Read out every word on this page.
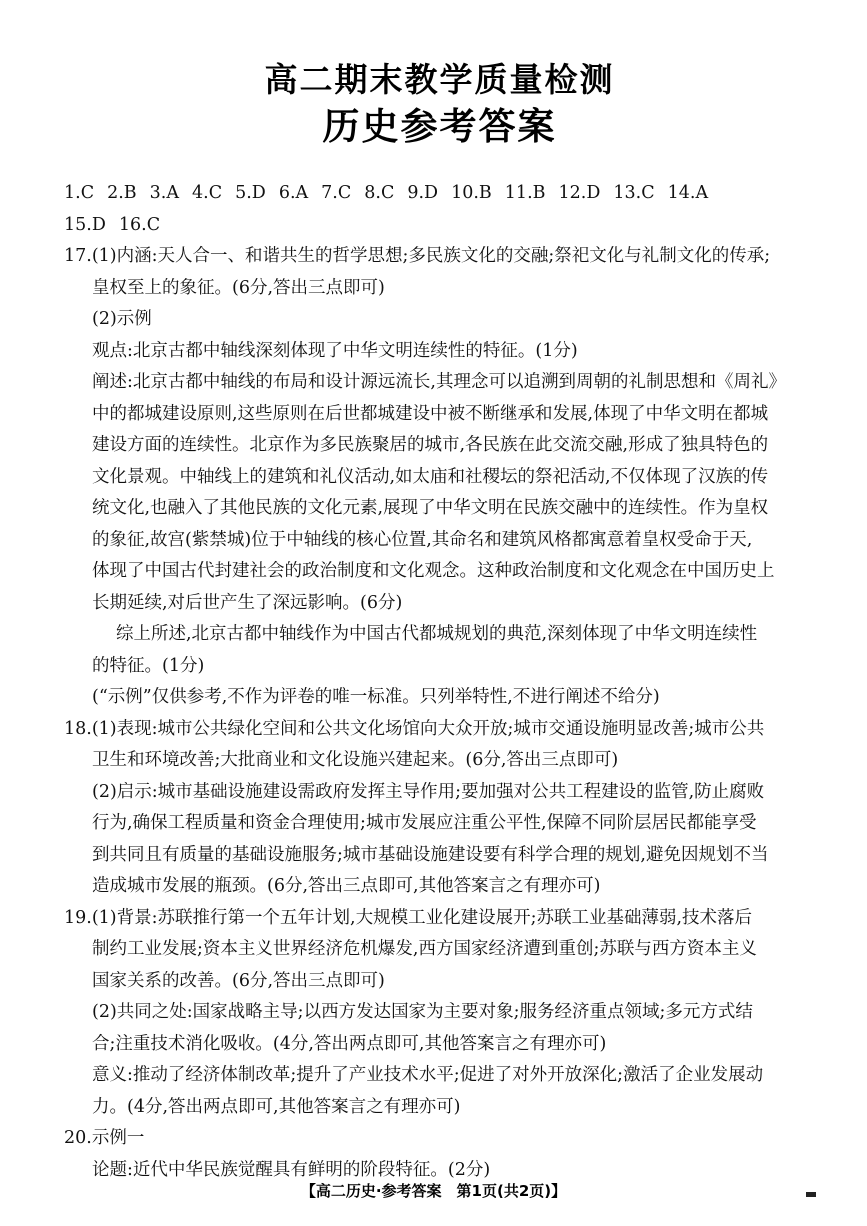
高二期末教学质量检测
历史参考答案
1.C 2.B 3.A 4.C 5.D 6.A 7.C 8.C 9.D 10.B 11.B 12.D 13.C 14.A
15.D 16.C
17.(1)内涵:天人合一、和谐共生的哲学思想;多民族文化的交融;祭祀文化与礼制文化的传承;
皇权至上的象征。(6分,答出三点即可)
(2)示例
观点:北京古都中轴线深刻体现了中华文明连续性的特征。(1分)
阐述:北京古都中轴线的布局和设计源远流长,其理念可以追溯到周朝的礼制思想和《周礼》
中的都城建设原则,这些原则在后世都城建设中被不断继承和发展,体现了中华文明在都城
建设方面的连续性。北京作为多民族聚居的城市,各民族在此交流交融,形成了独具特色的
文化景观。中轴线上的建筑和礼仪活动,如太庙和社稷坛的祭祀活动,不仅体现了汉族的传
统文化,也融入了其他民族的文化元素,展现了中华文明在民族交融中的连续性。作为皇权
的象征,故宫(紫禁城)位于中轴线的核心位置,其命名和建筑风格都寓意着皇权受命于天,
体现了中国古代封建社会的政治制度和文化观念。这种政治制度和文化观念在中国历史上
长期延续,对后世产生了深远影响。(6分)
综上所述,北京古都中轴线作为中国古代都城规划的典范,深刻体现了中华文明连续性
的特征。(1分)
(“示例”仅供参考,不作为评卷的唯一标准。只列举特性,不进行阐述不给分)
18.(1)表现:城市公共绿化空间和公共文化场馆向大众开放;城市交通设施明显改善;城市公共
卫生和环境改善;大批商业和文化设施兴建起来。(6分,答出三点即可)
(2)启示:城市基础设施建设需政府发挥主导作用;要加强对公共工程建设的监管,防止腐败
行为,确保工程质量和资金合理使用;城市发展应注重公平性,保障不同阶层居民都能享受
到共同且有质量的基础设施服务;城市基础设施建设要有科学合理的规划,避免因规划不当
造成城市发展的瓶颈。(6分,答出三点即可,其他答案言之有理亦可)
19.(1)背景:苏联推行第一个五年计划,大规模工业化建设展开;苏联工业基础薄弱,技术落后
制约工业发展;资本主义世界经济危机爆发,西方国家经济遭到重创;苏联与西方资本主义
国家关系的改善。(6分,答出三点即可)
(2)共同之处:国家战略主导;以西方发达国家为主要对象;服务经济重点领域;多元方式结
合;注重技术消化吸收。(4分,答出两点即可,其他答案言之有理亦可)
意义:推动了经济体制改革;提升了产业技术水平;促进了对外开放深化;激活了企业发展动
力。(4分,答出两点即可,其他答案言之有理亦可)
20.示例一
论题:近代中华民族觉醒具有鲜明的阶段特征。(2分)
【高二历史·参考答案　第1页(共2页)】
